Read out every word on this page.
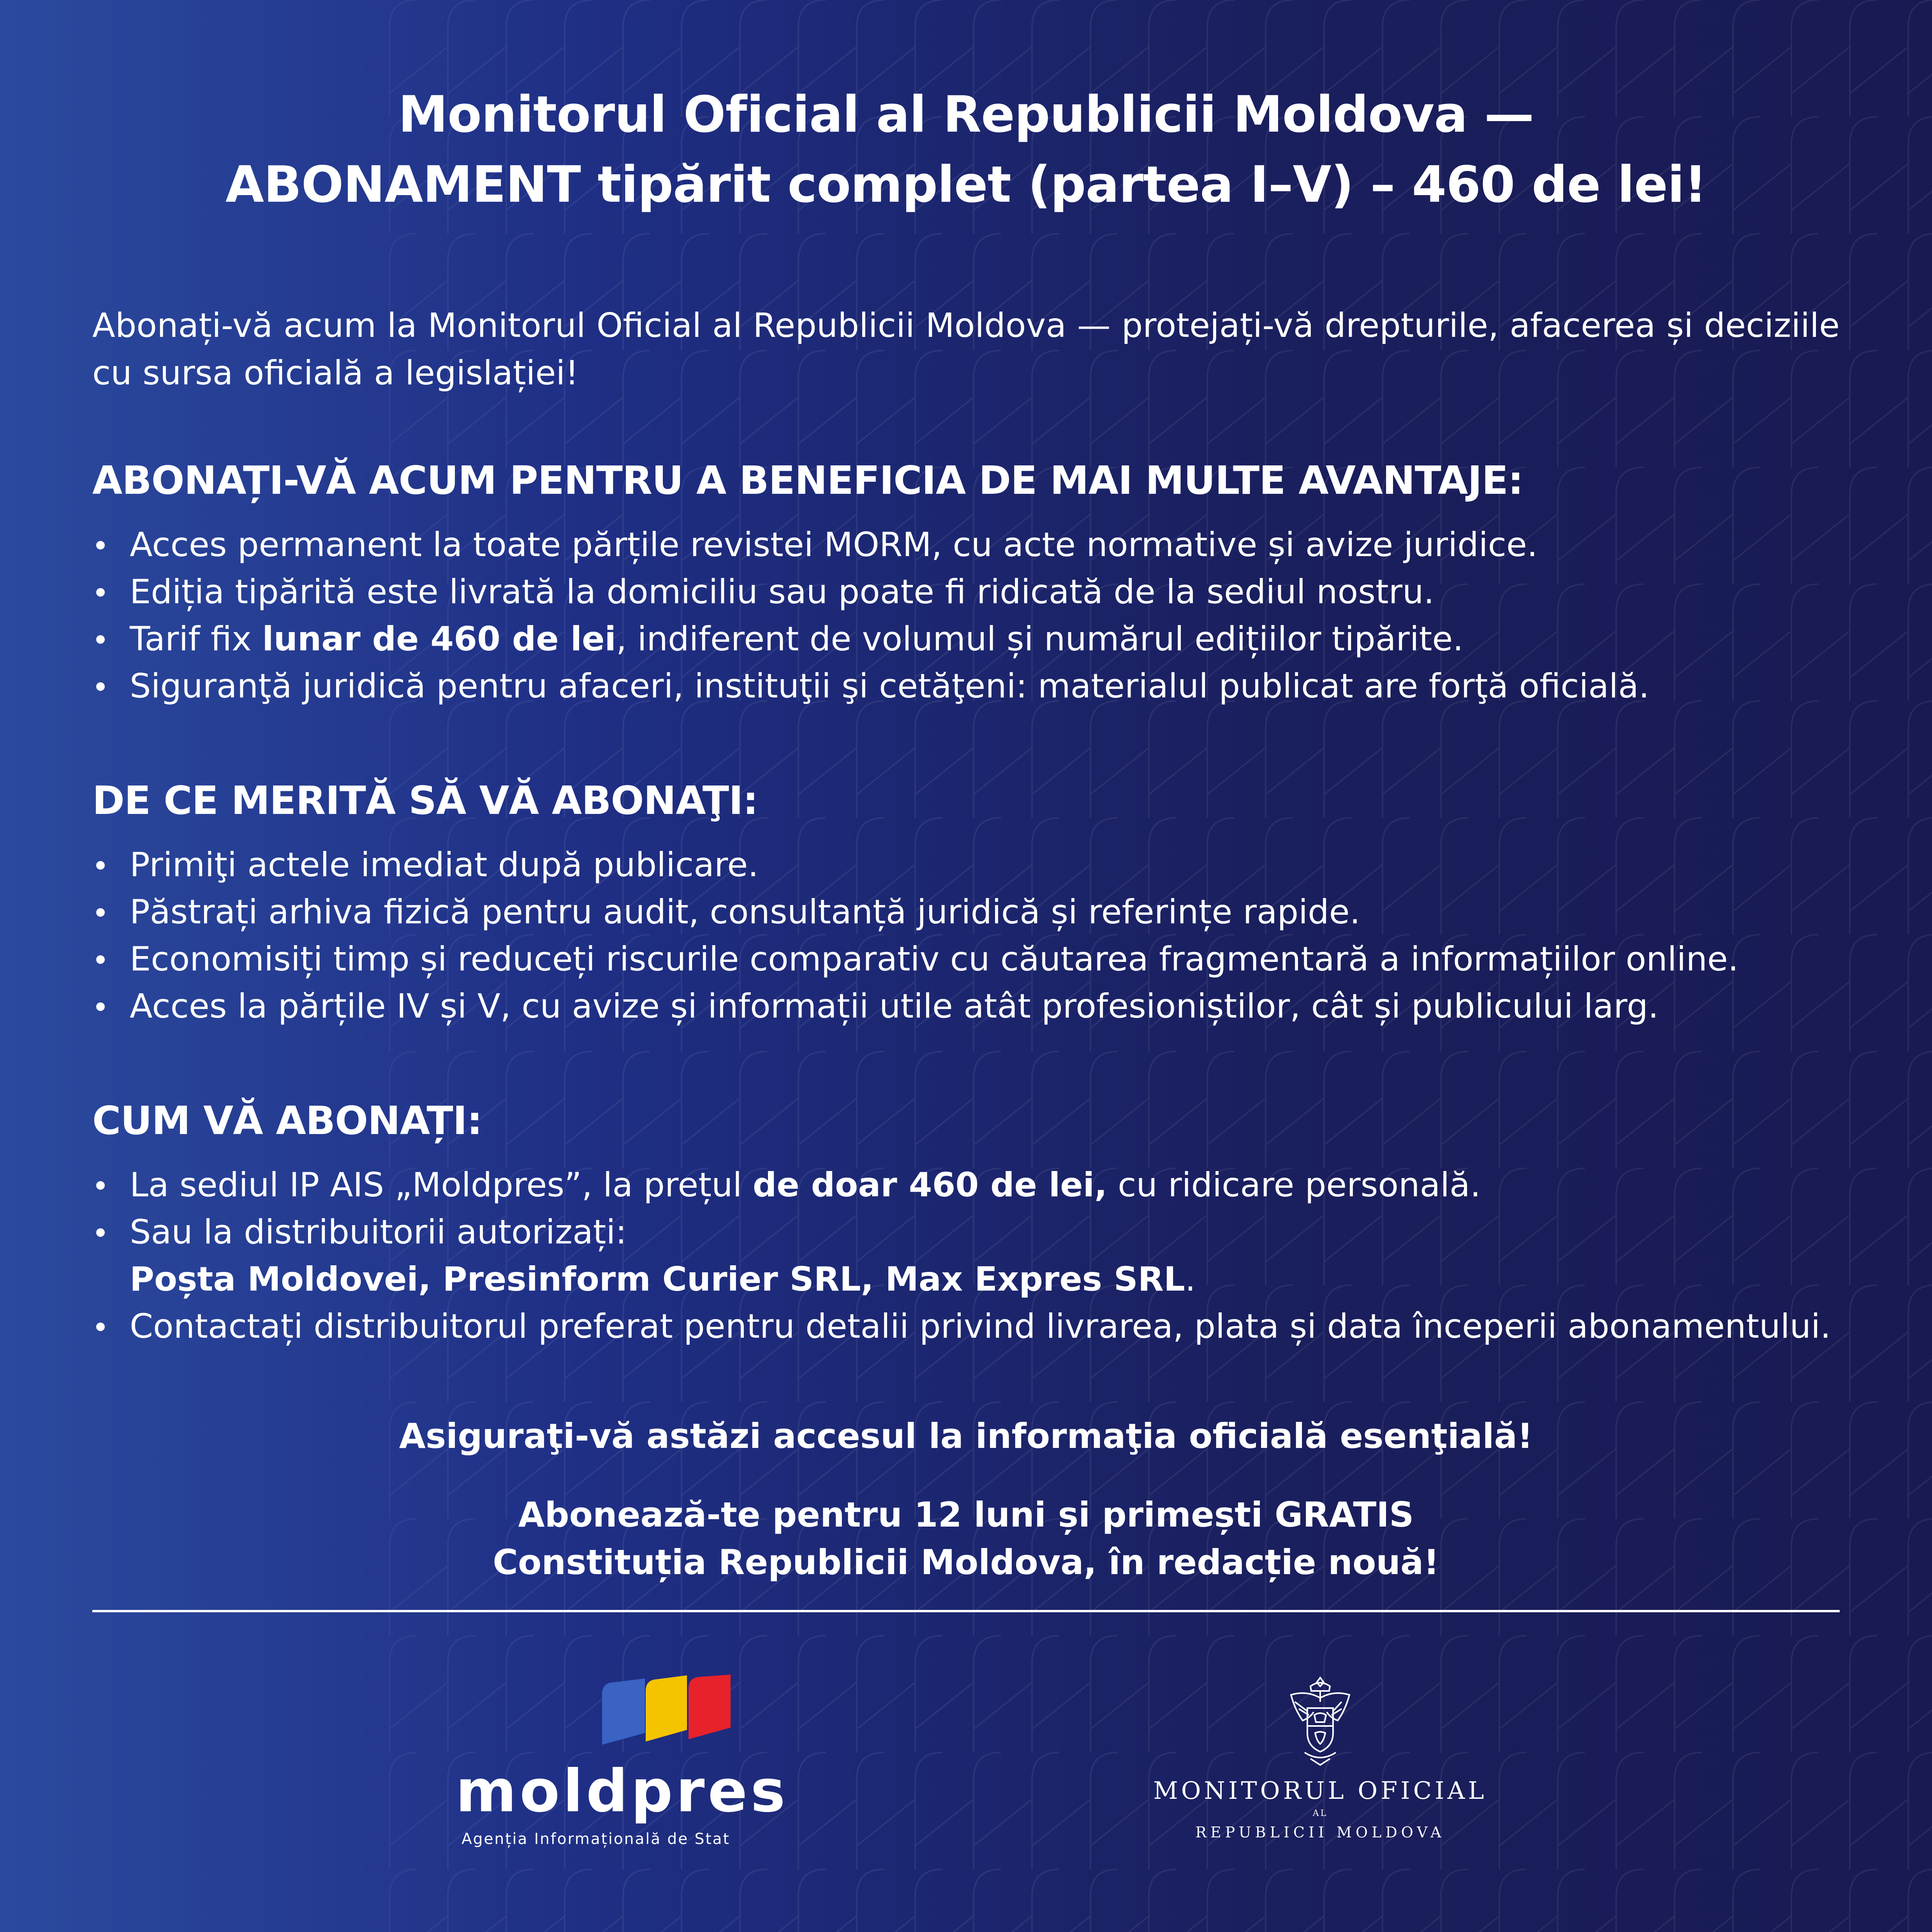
Monitorul Oficial al Republicii Moldova —
ABONAMENT tipărit complet (partea I–V) – 460 de lei!

Abonați-vă acum la Monitorul Oficial al Republicii Moldova — protejați-vă drepturile, afacerea și deciziile cu sursa oficială a legislației!

ABONAȚI-VĂ ACUM PENTRU A BENEFICIA DE MAI MULTE AVANTAJE:
Acces permanent la toate părțile revistei MORM, cu acte normative și avize juridice.
Ediția tipărită este livrată la domiciliu sau poate fi ridicată de la sediul nostru.
Tarif fix lunar de 460 de lei, indiferent de volumul și numărul edițiilor tipărite.
Siguranţă juridică pentru afaceri, instituţii şi cetăţeni: materialul publicat are forţă oficială.
DE CE MERITĂ SĂ VĂ ABONAŢI:
Primiţi actele imediat după publicare.
Păstrați arhiva fizică pentru audit, consultanță juridică și referințe rapide.
Economisiți timp și reduceți riscurile comparativ cu căutarea fragmentară a informațiilor online.
Acces la părțile IV și V, cu avize și informații utile atât profesioniștilor, cât și publicului larg.
CUM VĂ ABONAȚI:
La sediul IP AIS „Moldpres”, la prețul de doar 460 de lei, cu ridicare personală.
Sau la distribuitorii autorizați:
Poșta Moldovei, Presinform Curier SRL, Max Expres SRL.
Contactați distribuitorul preferat pentru detalii privind livrarea, plata și data începerii abonamentului.

Asiguraţi-vă astăzi accesul la informaţia oficială esenţială!

Abonează-te pentru 12 luni și primești GRATIS
Constituția Republicii Moldova, în redacție nouă!

moldpres
Agenția Informațională de Stat
MONITORUL OFICIAL
AL
REPUBLICII MOLDOVA
